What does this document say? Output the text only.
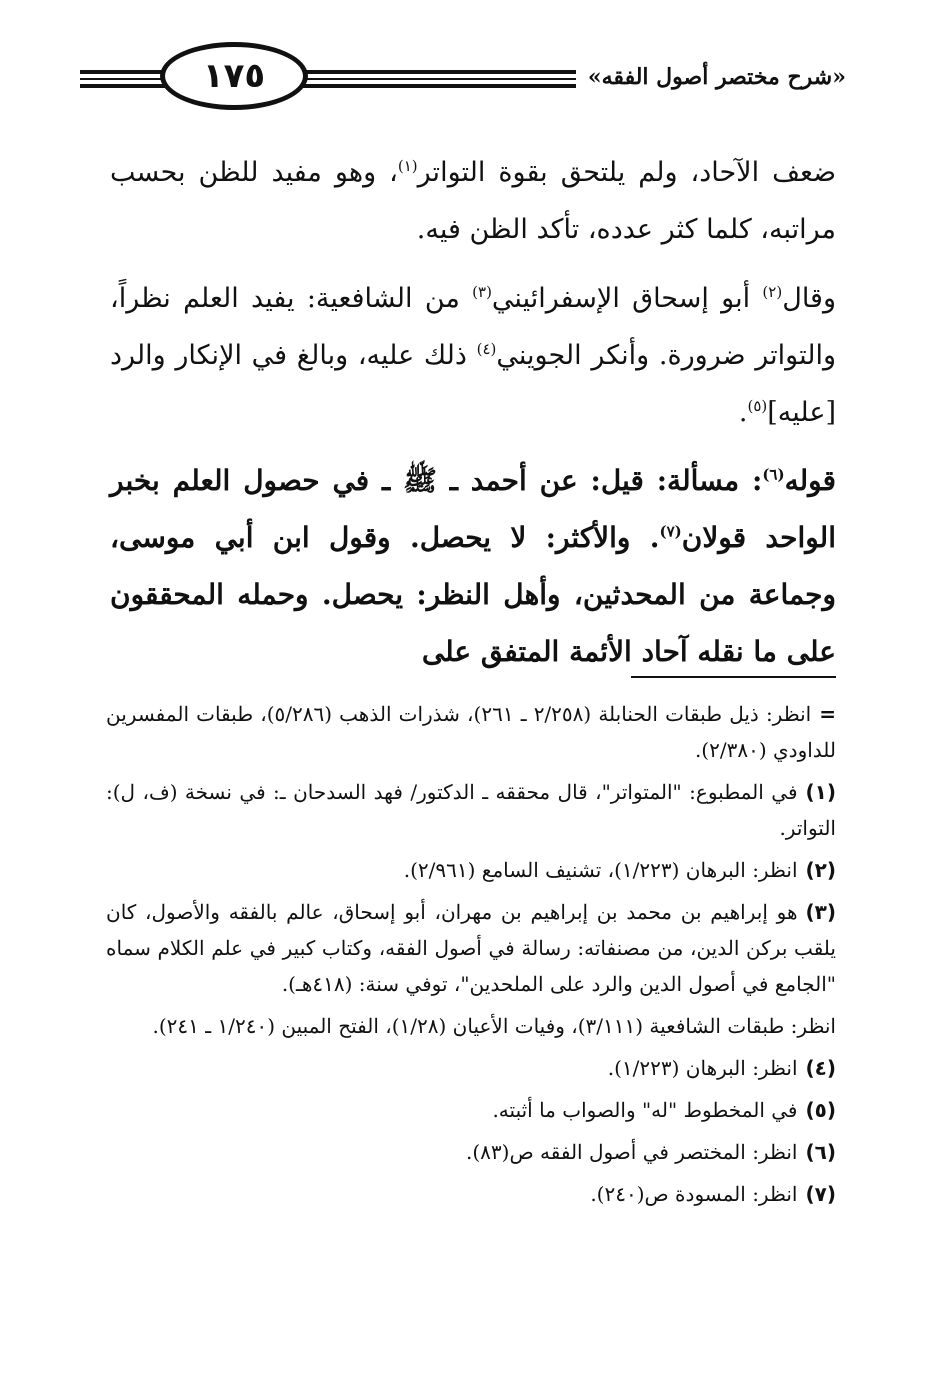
«شرح مختصر أصول الفقه»
١٧٥

ضعف الآحاد، ولم يلتحق بقوة التواتر$^{(١)}$، وهو مفيد للظن بحسب مراتبه، كلما كثر عدده، تأكد الظن فيه.

وقال$^{(٢)}$ أبو إسحاق الإسفرائيني$^{(٣)}$ من الشافعية: يفيد العلم نظراً، والتواتر ضرورة. وأنكر الجويني$^{(٤)}$ ذلك عليه، وبالغ في الإنكار والرد [عليه]$^{(٥)}$.

قوله$^{(٦)}$: مسألة: قيل: عن أحمد ـ ﷺ ـ في حصول العلم بخبر الواحد قولان$^{(٧)}$. والأكثر: لا يحصل. وقول ابن أبي موسى، وجماعة من المحدثين، وأهل النظر: يحصل. وحمله المحققون على ما نقله آحاد الأئمة المتفق على

=انظر: ذيل طبقات الحنابلة (٢/٢٥٨ ـ ٢٦١)، شذرات الذهب (٥/٢٨٦)، طبقات المفسرين للداودي (٢/٣٨٠).

(١)في المطبوع: "المتواتر"، قال محققه ـ الدكتور/ فهد السدحان ـ: في نسخة (ف، ل): التواتر.

(٢)انظر: البرهان (١/٢٢٣)، تشنيف السامع (٢/٩٦١).

(٣)هو إبراهيم بن محمد بن إبراهيم بن مهران، أبو إسحاق، عالم بالفقه والأصول، كان يلقب بركن الدين، من مصنفاته: رسالة في أصول الفقه، وكتاب كبير في علم الكلام سماه "الجامع في أصول الدين والرد على الملحدين"، توفي سنة: (٤١٨هـ).

انظر: طبقات الشافعية (٣/١١١)، وفيات الأعيان (١/٢٨)، الفتح المبين (١/٢٤٠ ـ ٢٤١).

(٤)انظر: البرهان (١/٢٢٣).

(٥)في المخطوط "له" والصواب ما أثبته.

(٦)انظر: المختصر في أصول الفقه ص(٨٣).

(٧)انظر: المسودة ص(٢٤٠).
